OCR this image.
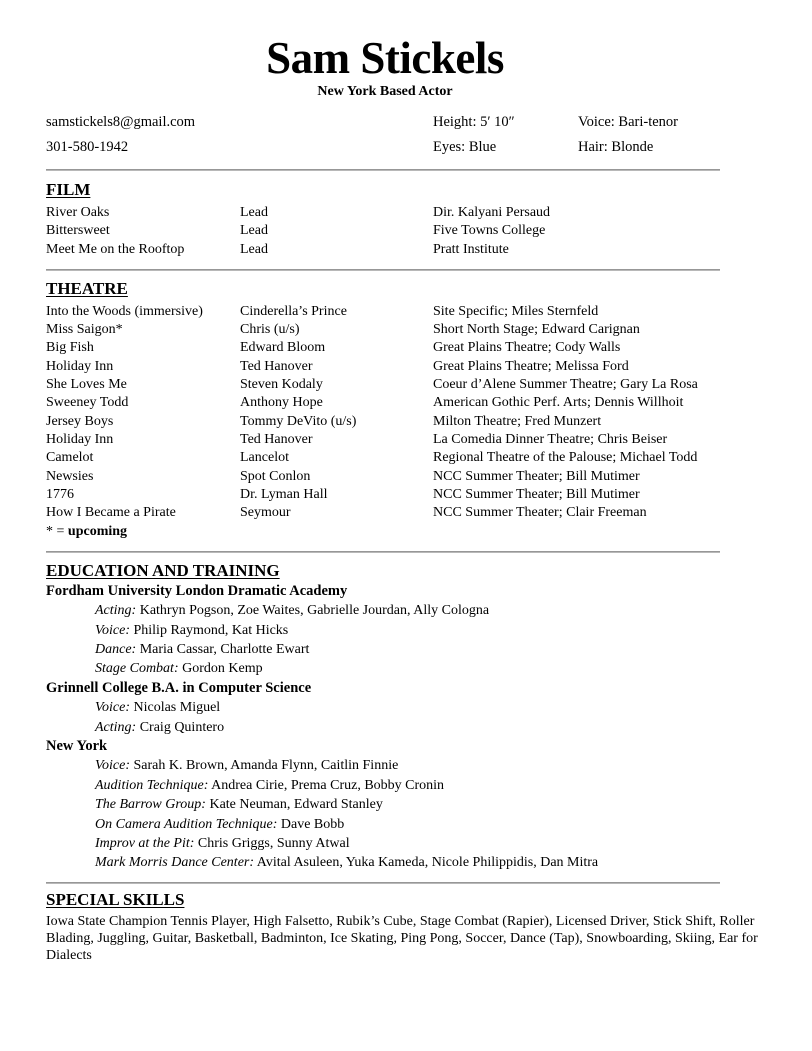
Sam Stickels
New York Based Actor
samstickels8@gmail.com	Height: 5′ 10″	Voice: Bari-tenor
301-580-1942	Eyes: Blue	Hair: Blonde
FILM
River Oaks	Lead	Dir. Kalyani Persaud
Bittersweet	Lead	Five Towns College
Meet Me on the Rooftop	Lead	Pratt Institute
THEATRE
Into the Woods (immersive)	Cinderella’s Prince	Site Specific; Miles Sternfeld
Miss Saigon*	Chris (u/s)	Short North Stage; Edward Carignan
Big Fish	Edward Bloom	Great Plains Theatre; Cody Walls
Holiday Inn	Ted Hanover	Great Plains Theatre; Melissa Ford
She Loves Me	Steven Kodaly	Coeur d’Alene Summer Theatre; Gary La Rosa
Sweeney Todd	Anthony Hope	American Gothic Perf. Arts; Dennis Willhoit
Jersey Boys	Tommy DeVito (u/s)	Milton Theatre; Fred Munzert
Holiday Inn	Ted Hanover	La Comedia Dinner Theatre; Chris Beiser
Camelot	Lancelot	Regional Theatre of the Palouse; Michael Todd
Newsies	Spot Conlon	NCC Summer Theater; Bill Mutimer
1776	Dr. Lyman Hall	NCC Summer Theater; Bill Mutimer
How I Became a Pirate	Seymour	NCC Summer Theater; Clair Freeman
* = upcoming
EDUCATION AND TRAINING
Fordham University London Dramatic Academy
Acting: Kathryn Pogson, Zoe Waites, Gabrielle Jourdan, Ally Cologna
Voice: Philip Raymond, Kat Hicks
Dance: Maria Cassar, Charlotte Ewart
Stage Combat: Gordon Kemp
Grinnell College B.A. in Computer Science
Voice: Nicolas Miguel
Acting: Craig Quintero
New York
Voice: Sarah K. Brown, Amanda Flynn, Caitlin Finnie
Audition Technique: Andrea Cirie, Prema Cruz, Bobby Cronin
The Barrow Group: Kate Neuman, Edward Stanley
On Camera Audition Technique: Dave Bobb
Improv at the Pit: Chris Griggs, Sunny Atwal
Mark Morris Dance Center: Avital Asuleen, Yuka Kameda, Nicole Philippidis, Dan Mitra
SPECIAL SKILLS

Iowa State Champion Tennis Player, High Falsetto, Rubik’s Cube, Stage Combat (Rapier), Licensed Driver, Stick Shift, Roller Blading, Juggling, Guitar, Basketball, Badminton, Ice Skating, Ping Pong, Soccer, Dance (Tap), Snowboarding, Skiing, Ear for Dialects
